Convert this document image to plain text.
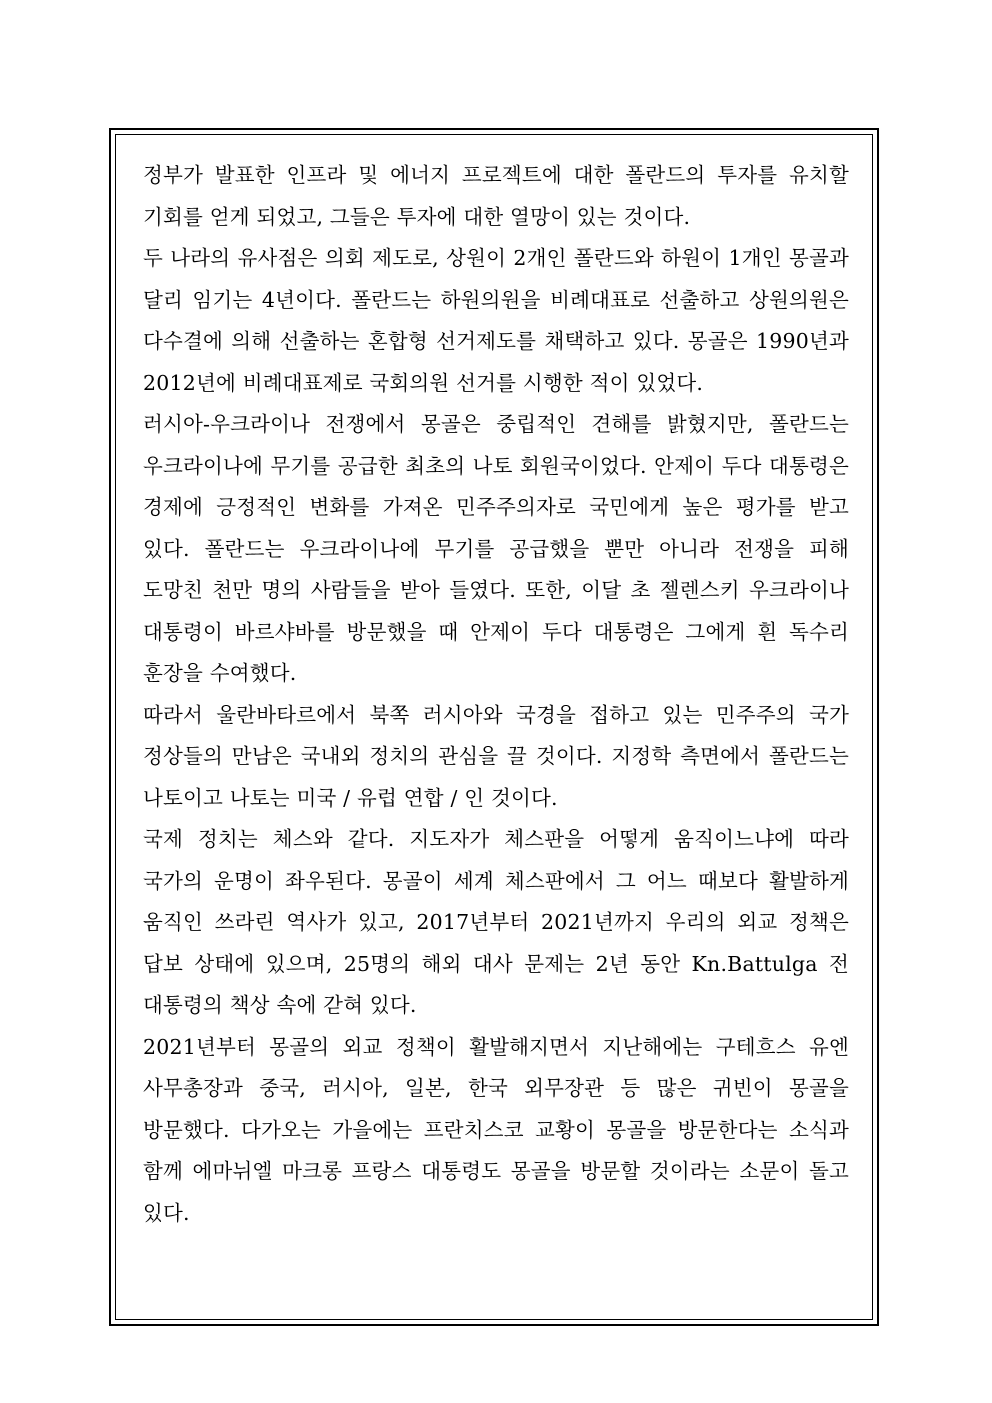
정부가 발표한 인프라 및 에너지 프로젝트에 대한 폴란드의 투자를 유치할 기회를 얻게 되었고, 그들은 투자에 대한 열망이 있는 것이다.

두 나라의 유사점은 의회 제도로, 상원이 2개인 폴란드와 하원이 1개인 몽골과 달리 임기는 4년이다. 폴란드는 하원의원을 비례대표로 선출하고 상원의원은 다수결에 의해 선출하는 혼합형 선거제도를 채택하고 있다. 몽골은 1990년과 2012년에 비례대표제로 국회의원 선거를 시행한 적이 있었다.

러시아-우크라이나 전쟁에서 몽골은 중립적인 견해를 밝혔지만, 폴란드는 우크라이나에 무기를 공급한 최초의 나토 회원국이었다. 안제이 두다 대통령은 경제에 긍정적인 변화를 가져온 민주주의자로 국민에게 높은 평가를 받고 있다. 폴란드는 우크라이나에 무기를 공급했을 뿐만 아니라 전쟁을 피해 도망친 천만 명의 사람들을 받아 들였다. 또한, 이달 초 젤렌스키 우크라이나 대통령이 바르샤바를 방문했을 때 안제이 두다 대통령은 그에게 흰 독수리 훈장을 수여했다.

따라서 울란바타르에서 북쪽 러시아와 국경을 접하고 있는 민주주의 국가 정상들의 만남은 국내외 정치의 관심을 끌 것이다. 지정학 측면에서 폴란드는 나토이고 나토는 미국 / 유럽 연합 / 인 것이다.

국제 정치는 체스와 같다. 지도자가 체스판을 어떻게 움직이느냐에 따라 국가의 운명이 좌우된다. 몽골이 세계 체스판에서 그 어느 때보다 활발하게 움직인 쓰라린 역사가 있고, 2017년부터 2021년까지 우리의 외교 정책은 답보 상태에 있으며, 25명의 해외 대사 문제는 2년 동안 Kn.Battulga 전 대통령의 책상 속에 갇혀 있다.

2021년부터 몽골의 외교 정책이 활발해지면서 지난해에는 구테흐스 유엔 사무총장과 중국, 러시아, 일본, 한국 외무장관 등 많은 귀빈이 몽골을 방문했다. 다가오는 가을에는 프란치스코 교황이 몽골을 방문한다는 소식과 함께 에마뉘엘 마크롱 프랑스 대통령도 몽골을 방문할 것이라는 소문이 돌고 있다.
